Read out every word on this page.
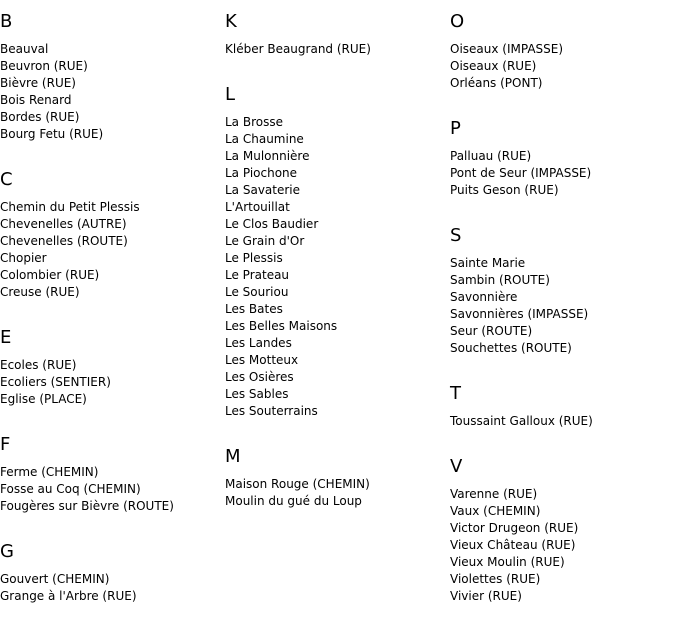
B
Beauval
Beuvron (RUE)
Bièvre (RUE)
Bois Renard
Bordes (RUE)
Bourg Fetu (RUE)
C
Chemin du Petit Plessis
Chevenelles (AUTRE)
Chevenelles (ROUTE)
Chopier
Colombier (RUE)
Creuse (RUE)
E
Ecoles (RUE)
Ecoliers (SENTIER)
Eglise (PLACE)
F
Ferme (CHEMIN)
Fosse au Coq (CHEMIN)
Fougères sur Bièvre (ROUTE)
G
Gouvert (CHEMIN)
Grange à l'Arbre (RUE)
K
Kléber Beaugrand (RUE)
L
La Brosse
La Chaumine
La Mulonnière
La Piochone
La Savaterie
L'Artouillat
Le Clos Baudier
Le Grain d'Or
Le Plessis
Le Prateau
Le Souriou
Les Bates
Les Belles Maisons
Les Landes
Les Motteux
Les Osières
Les Sables
Les Souterrains
M
Maison Rouge (CHEMIN)
Moulin du gué du Loup
O
Oiseaux (IMPASSE)
Oiseaux (RUE)
Orléans (PONT)
P
Palluau (RUE)
Pont de Seur (IMPASSE)
Puits Geson (RUE)
S
Sainte Marie
Sambin (ROUTE)
Savonnière
Savonnières (IMPASSE)
Seur (ROUTE)
Souchettes (ROUTE)
T
Toussaint Galloux (RUE)
V
Varenne (RUE)
Vaux (CHEMIN)
Victor Drugeon (RUE)
Vieux Château (RUE)
Vieux Moulin (RUE)
Violettes (RUE)
Vivier (RUE)
